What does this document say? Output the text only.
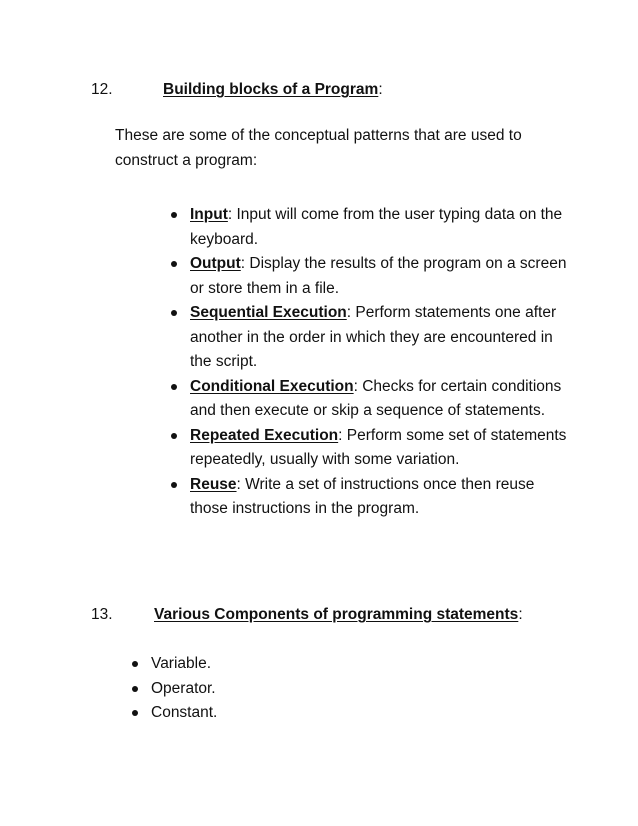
12.	Building blocks of a Program:

These are some of the conceptual patterns that are used to construct a program:

Input: Input will come from the user typing data on the keyboard.
Output: Display the results of the program on a screen or store them in a file.
Sequential Execution: Perform statements one after another in the order in which they are encountered in the script.
Conditional Execution: Checks for certain conditions and then execute or skip a sequence of statements.
Repeated Execution: Perform some set of statements repeatedly, usually with some variation.
Reuse: Write a set of instructions once then reuse those instructions in the program.
13.	Various Components of programming statements:
Variable.
Operator.
Constant.
